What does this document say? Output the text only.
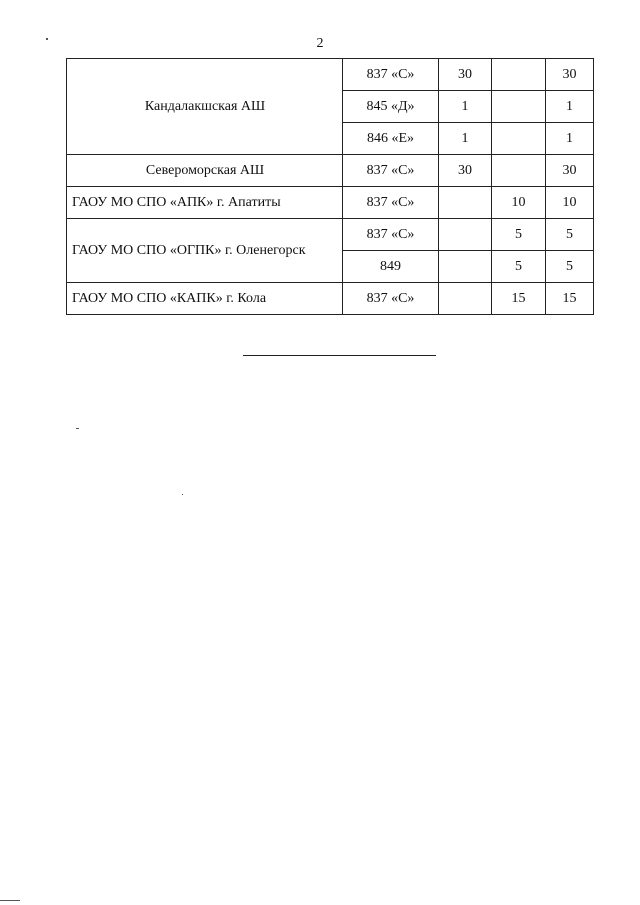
2
Кандалакшская АШ	837 «С»	30		30
	845 «Д»	1		1
	846 «Е»	1		1
Североморская АШ	837 «С»	30		30
ГАОУ МО СПО «АПК» г. Апатиты	837 «С»		10	10
ГАОУ МО СПО «ОГПК» г. Оленегорск	837 «С»		5	5
	849		5	5
ГАОУ МО СПО «КАПК» г. Кола	837 «С»		15	15
